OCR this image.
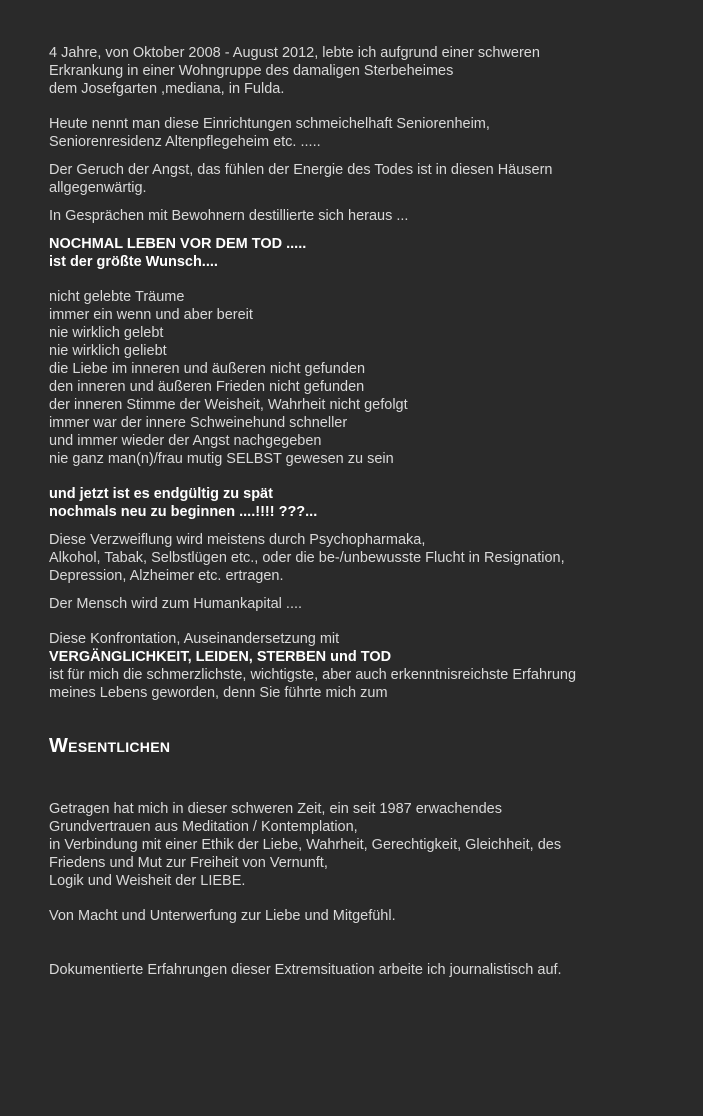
4 Jahre, von Oktober 2008 - August 2012, lebte ich aufgrund einer schweren
Erkrankung in einer Wohngruppe des damaligen Sterbeheimes
dem Josefgarten ,mediana, in Fulda.
Heute nennt man diese Einrichtungen schmeichelhaft Seniorenheim,
Seniorenresidenz Altenpflegeheim etc. .....
Der Geruch der Angst, das fühlen der Energie des Todes ist in diesen Häusern
allgegenwärtig.
In Gesprächen mit Bewohnern destillierte sich heraus ...
NOCHMAL LEBEN VOR DEM TOD .....
ist der größte Wunsch....
nicht gelebte Träume
immer ein wenn und aber bereit
nie wirklich gelebt
nie wirklich geliebt
die Liebe im inneren und äußeren nicht gefunden
den inneren und äußeren Frieden nicht gefunden
der inneren Stimme der Weisheit, Wahrheit nicht gefolgt
immer war der innere Schweinehund schneller
und immer wieder der Angst nachgegeben
nie ganz man(n)/frau mutig SELBST gewesen zu sein
und jetzt ist es endgültig zu spät
nochmals neu zu beginnen ....!!!! ???...
Diese Verzweiflung wird meistens durch Psychopharmaka,
Alkohol, Tabak, Selbstlügen etc., oder die be-/unbewusste Flucht in Resignation,
Depression, Alzheimer etc. ertragen.
Der Mensch wird zum Humankapital ....
Diese Konfrontation, Auseinandersetzung mit
VERGÄNGLICHKEIT, LEIDEN, STERBEN und TOD
ist für mich die schmerzlichste, wichtigste, aber auch erkenntnisreichste Erfahrung
meines Lebens geworden, denn Sie führte mich zum
Wesentlichen
Getragen hat mich in dieser schweren Zeit, ein seit 1987 erwachendes
Grundvertrauen aus Meditation / Kontemplation,
in Verbindung mit einer Ethik der Liebe, Wahrheit, Gerechtigkeit, Gleichheit, des
Friedens und Mut zur Freiheit von Vernunft,
Logik und Weisheit der LIEBE.
Von Macht und Unterwerfung zur Liebe und Mitgefühl.
Dokumentierte Erfahrungen dieser Extremsituation arbeite ich journalistisch auf.
